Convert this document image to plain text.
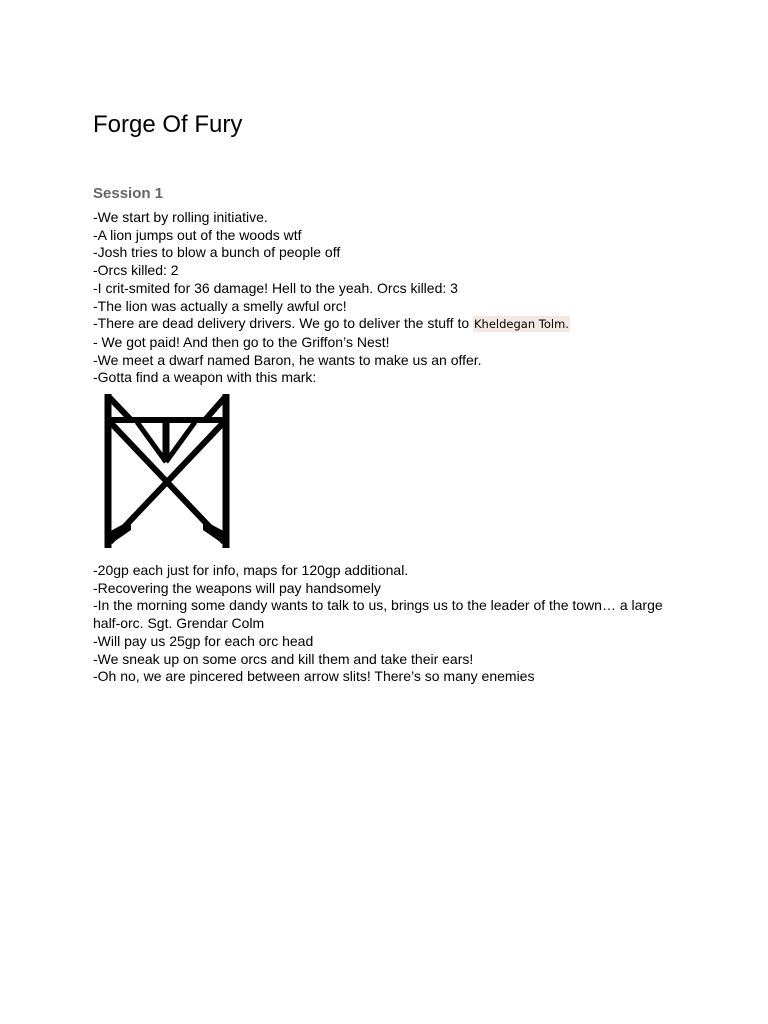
Forge Of Fury
Session 1
-We start by rolling initiative.
-A lion jumps out of the woods wtf
-Josh tries to blow a bunch of people off
-Orcs killed: 2
-I crit-smited for 36 damage! Hell to the yeah. Orcs killed: 3
-The lion was actually a smelly awful orc!
-There are dead delivery drivers. We go to deliver the stuff to Kheldegan Tolm.
- We got paid! And then go to the Griffon’s Nest!
-We meet a dwarf named Baron, he wants to make us an offer.
-Gotta find a weapon with this mark:
-20gp each just for info, maps for 120gp additional.
-Recovering the weapons will pay handsomely
-In the morning some dandy wants to talk to us, brings us to the leader of the town… a large half-orc. Sgt. Grendar Colm
-Will pay us 25gp for each orc head
-We sneak up on some orcs and kill them and take their ears!
-Oh no, we are pincered between arrow slits! There’s so many enemies
